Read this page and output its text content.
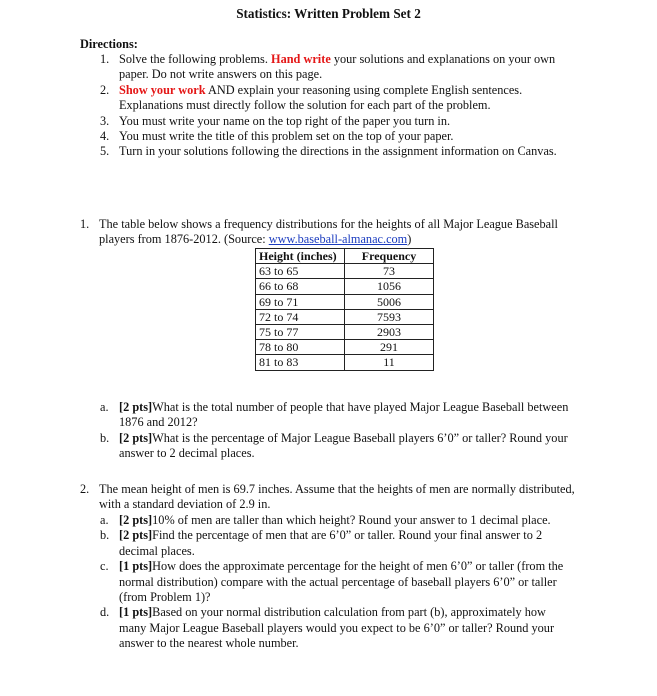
Statistics: Written Problem Set 2
Directions:
1. Solve the following problems. Hand write your solutions and explanations on your own paper. Do not write answers on this page.
2. Show your work AND explain your reasoning using complete English sentences. Explanations must directly follow the solution for each part of the problem.
3. You must write your name on the top right of the paper you turn in.
4. You must write the title of this problem set on the top of your paper.
5. Turn in your solutions following the directions in the assignment information on Canvas.
1. The table below shows a frequency distributions for the heights of all Major League Baseball players from 1876-2012. (Source: www.baseball-almanac.com)
Height (inches)	Frequency
63 to 65	73
66 to 68	1056
69 to 71	5006
72 to 74	7593
75 to 77	2903
78 to 80	291
81 to 83	11
a. [2 pts]What is the total number of people that have played Major League Baseball between 1876 and 2012?
b. [2 pts]What is the percentage of Major League Baseball players 6’0” or taller? Round your answer to 2 decimal places.
2. The mean height of men is 69.7 inches. Assume that the heights of men are normally distributed, with a standard deviation of 2.9 in.
a. [2 pts]10% of men are taller than which height? Round your answer to 1 decimal place.
b. [2 pts]Find the percentage of men that are 6’0” or taller. Round your final answer to 2 decimal places.
c. [1 pts]How does the approximate percentage for the height of men 6’0” or taller (from the normal distribution) compare with the actual percentage of baseball players 6’0” or taller (from Problem 1)?
d. [1 pts]Based on your normal distribution calculation from part (b), approximately how many Major League Baseball players would you expect to be 6’0” or taller? Round your answer to the nearest whole number.
